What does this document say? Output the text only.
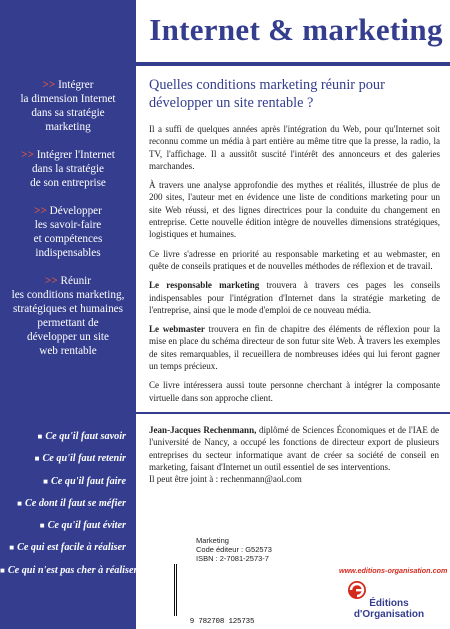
Internet & marketing
>> Intégrer
la dimension Internet
dans sa stratégie
marketing
>> Intégrer l'Internet
dans la stratégie
de son entreprise
>> Développer
les savoir-faire
et compétences
indispensables
>> Réunir
les conditions marketing,
stratégiques et humaines
permettant de
développer un site
web rentable
■ Ce qu'il faut savoir
■ Ce qu'il faut retenir
■ Ce qu'il faut faire
■ Ce dont il faut se méfier
■ Ce qu'il faut éviter
■ Ce qui est facile à réaliser
■ Ce qui n'est pas cher à réaliser
Quelles conditions marketing réunir pour développer un site rentable ?

Il a suffi de quelques années après l'intégration du Web, pour qu'Internet soit reconnu comme un média à part entière au même titre que la presse, la radio, la TV, l'affichage. Il a aussitôt suscité l'intérêt des annonceurs et des galeries marchandes.

À travers une analyse approfondie des mythes et réalités, illustrée de plus de 200 sites, l'auteur met en évidence une liste de conditions marketing pour un site Web réussi, et des lignes directrices pour la conduite du changement en entreprise. Cette nouvelle édition intègre de nouvelles dimensions stratégiques, logistiques et humaines.

Ce livre s'adresse en priorité au responsable marketing et au webmaster, en quête de conseils pratiques et de nouvelles méthodes de réflexion et de travail.

Le responsable marketing trouvera à travers ces pages les conseils indispensables pour l'intégration d'Internet dans la stratégie marketing de l'entreprise, ainsi que le mode d'emploi de ce nouveau média.

Le webmaster trouvera en fin de chapitre des éléments de réflexion pour la mise en place du schéma directeur de son futur site Web. À travers les exemples de sites remarquables, il recueillera de nombreuses idées qui lui feront gagner un temps précieux.

Ce livre intéressera aussi toute personne cherchant à intégrer la composante virtuelle dans son approche client.

Jean-Jacques Rechenmann, diplômé de Sciences Économiques et de l'IAE de l'université de Nancy, a occupé les fonctions de directeur export de plusieurs entreprises du secteur informatique avant de créer sa société de conseil en marketing, faisant d'Internet un outil essentiel de ses interventions.

Il peut être joint à : rechenmann@aol.com

Marketing
Code éditeur : G52573
ISBN : 2-7081-2573-7
9 782708 125735
www.editions-organisation.com
Éditions
d'Organisation
